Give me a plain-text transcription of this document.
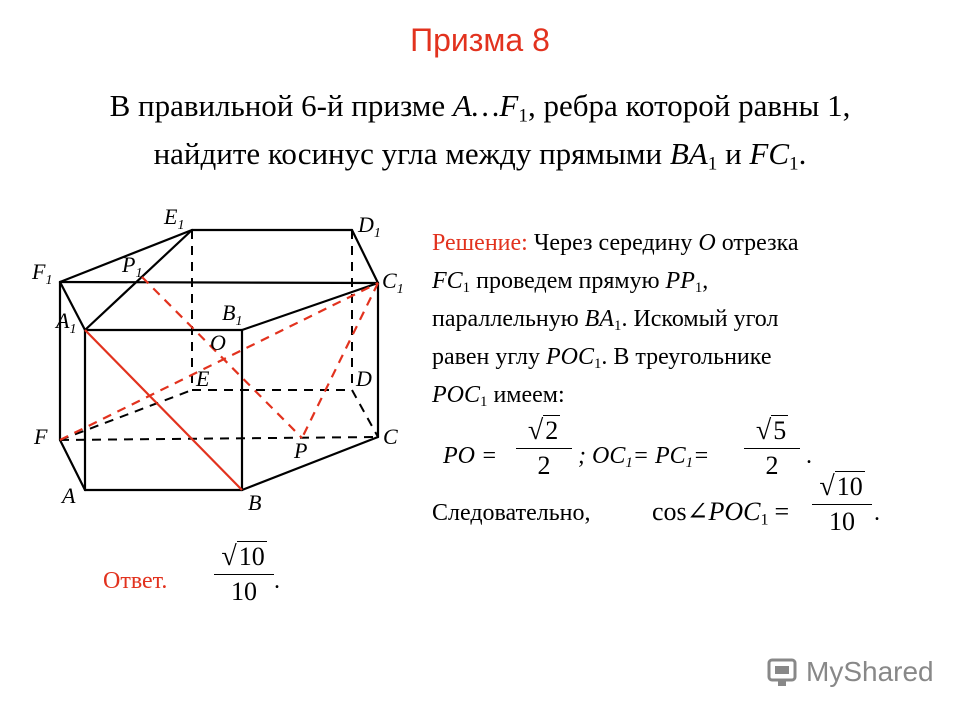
Призма 8
В правильной 6-й призме $A\dots F_1$, ребра которой равны 1,
найдите косинус угла между прямыми $BA_1$ и $FC_1$.
$E_1$	$D_1$
$F_1$
$P_1$	$C_1$
$B_1$
$A_1$
O
E	D
F	C
P
A	B
Решение: Через середину O отрезка
$FC_1$ проведем прямую $PP_1$,
параллельную $BA_1$. Искомый угол
равен углу $POC_1$. В треугольнике
$POC_1$ имеем:
PO =
√2
2	; $OC_1= PC_1=$
√5
2	.
Следовательно, $\cos\angle POC_1$ =
√10
10 .
Ответ.
√10
10 .
MyShared
